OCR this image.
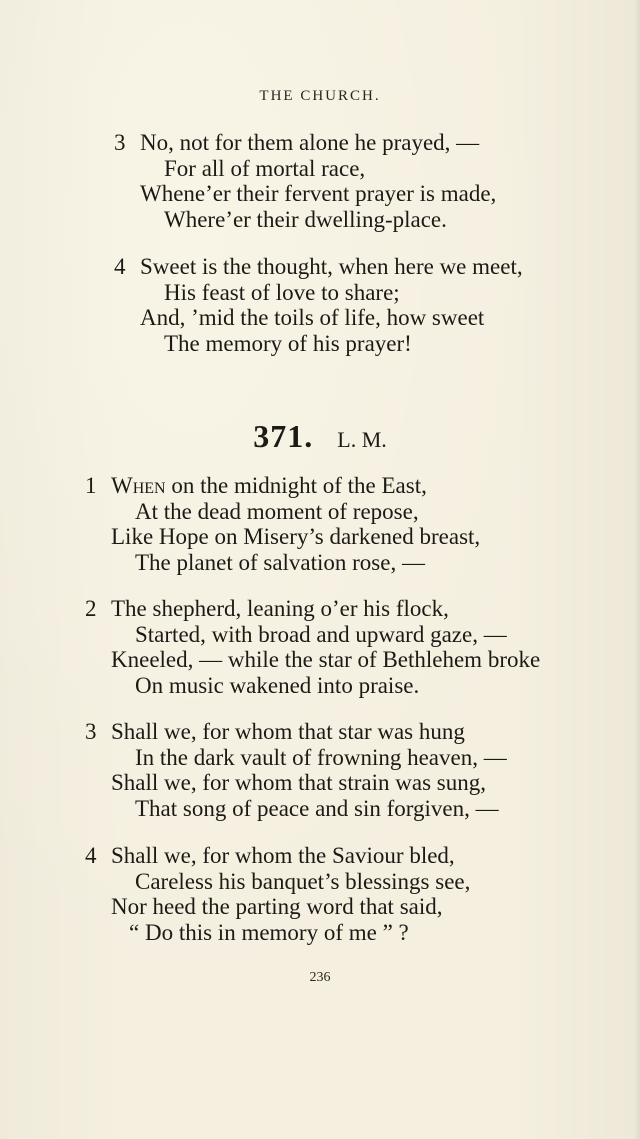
THE CHURCH.
3 No, not for them alone he prayed, —
For all of mortal race,
Whene’er their fervent prayer is made,
Where’er their dwelling-place.
4 Sweet is the thought, when here we meet,
His feast of love to share;
And, ’mid the toils of life, how sweet
The memory of his prayer!
371. L. M.
1 When on the midnight of the East,
At the dead moment of repose,
Like Hope on Misery’s darkened breast,
The planet of salvation rose, —
2 The shepherd, leaning o’er his flock,
Started, with broad and upward gaze, —
Kneeled, — while the star of Bethlehem broke
On music wakened into praise.
3 Shall we, for whom that star was hung
In the dark vault of frowning heaven, —
Shall we, for whom that strain was sung,
That song of peace and sin forgiven, —
4 Shall we, for whom the Saviour bled,
Careless his banquet’s blessings see,
Nor heed the parting word that said,
“ Do this in memory of me ” ?
236
